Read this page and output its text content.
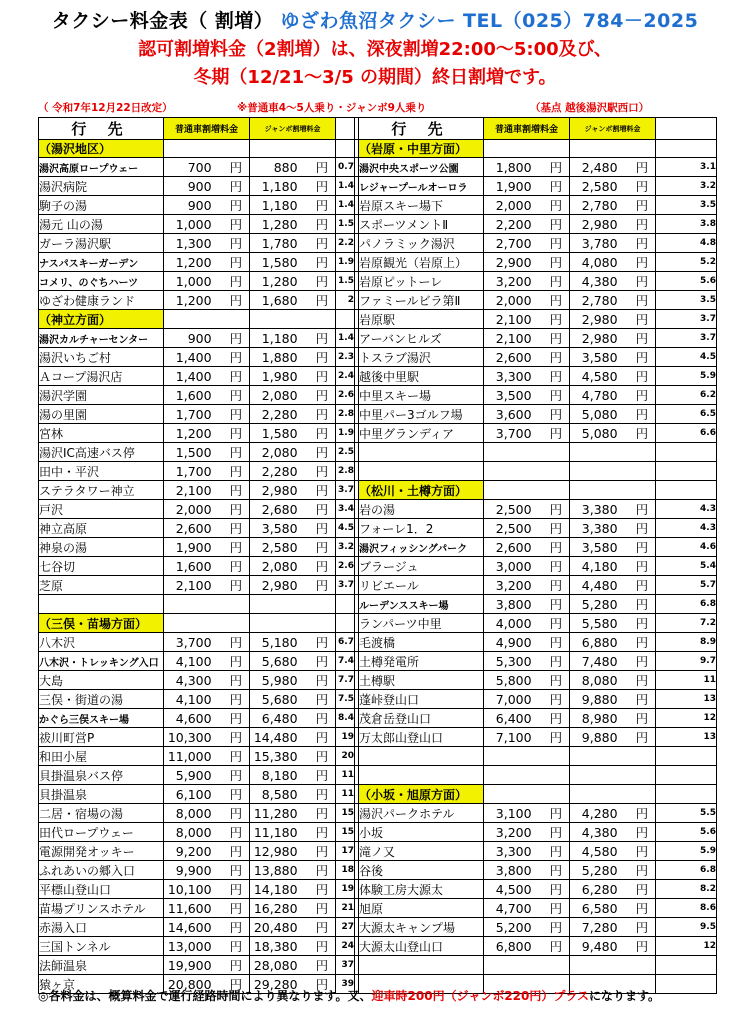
タクシー料金表（ 割増） ゆざわ魚沼タクシー TEL（025）784－2025
認可割増料金（2割増）は、深夜割増22:00～5:00及び、
冬期（12/21～3/5 の期間）終日割増です。
（ 令和7年12月22日改定）	※普通車4～5人乗り・ジャンボ9人乗り	（基点 越後湯沢駅西口）
行 先	普通車割増料金	ジャンボ割増料金			行 先	普通車割増料金	ジャンボ割増料金	
（湯沢地区）					（岩原・中里方面）			
湯沢高原ロープウェー	700 円	880 円	0.7		湯沢中央スポーツ公園	1,800 円	2,480 円	3.1
湯沢病院	900 円	1,180 円	1.4		レジャープールオーロラ	1,900 円	2,580 円	3.2
駒子の湯	900 円	1,180 円	1.4		岩原スキー場下	2,000 円	2,780 円	3.5
湯元 山の湯	1,000 円	1,280 円	1.5		スポーツメントⅡ	2,200 円	2,980 円	3.8
ガーラ湯沢駅	1,300 円	1,780 円	2.2		パノラミック湯沢	2,700 円	3,780 円	4.8
ナスパスキーガーデン	1,200 円	1,580 円	1.9		岩原観光（岩原上）	2,900 円	4,080 円	5.2
コメリ、のぐちハーツ	1,000 円	1,280 円	1.5		岩原ピットーレ	3,200 円	4,380 円	5.6
ゆざわ健康ランド	1,200 円	1,680 円	2		ファミールビラ第Ⅱ	2,000 円	2,780 円	3.5
（神立方面）					岩原駅	2,100 円	2,980 円	3.7
湯沢カルチャーセンター	900 円	1,180 円	1.4		アーバンヒルズ	2,100 円	2,980 円	3.7
湯沢いちご村	1,400 円	1,880 円	2.3		トスラブ湯沢	2,600 円	3,580 円	4.5
Ａコープ湯沢店	1,400 円	1,980 円	2.4		越後中里駅	3,300 円	4,580 円	5.9
湯沢学園	1,600 円	2,080 円	2.6		中里スキー場	3,500 円	4,780 円	6.2
湯の里園	1,700 円	2,280 円	2.8		中里パー3ゴルフ場	3,600 円	5,080 円	6.5
宮林	1,200 円	1,580 円	1.9		中里グランディア	3,700 円	5,080 円	6.6
湯沢IC高速バス停	1,500 円	2,080 円	2.5					
田中・平沢	1,700 円	2,280 円	2.8					
ステラタワー神立	2,100 円	2,980 円	3.7		（松川・土樽方面）			
戸沢	2,000 円	2,680 円	3.4		岩の湯	2,500 円	3,380 円	4.3
神立高原	2,600 円	3,580 円	4.5		フォーレ1．2	2,500 円	3,380 円	4.3
神泉の湯	1,900 円	2,580 円	3.2		湯沢フィッシングパーク	2,600 円	3,580 円	4.6
七谷切	1,600 円	2,080 円	2.6		ブラージュ	3,000 円	4,180 円	5.4
芝原	2,100 円	2,980 円	3.7		リビエール	3,200 円	4,480 円	5.7
					ルーデンススキー場	3,800 円	5,280 円	6.8
（三俣・苗場方面）					ランパーツ中里	4,000 円	5,580 円	7.2
八木沢	3,700 円	5,180 円	6.7		毛渡橋	4,900 円	6,880 円	8.9
八木沢・トレッキング入口	4,100 円	5,680 円	7.4		土樽発電所	5,300 円	7,480 円	9.7
大島	4,300 円	5,980 円	7.7		土樽駅	5,800 円	8,080 円	11
三俣・街道の湯	4,100 円	5,680 円	7.5		蓬峠登山口	7,000 円	9,880 円	13
かぐら三俣スキー場	4,600 円	6,480 円	8.4		茂倉岳登山口	6,400 円	8,980 円	12
祓川町営P	10,300 円	14,480 円	19		万太郎山登山口	7,100 円	9,880 円	13
和田小屋	11,000 円	15,380 円	20					
貝掛温泉バス停	5,900 円	8,180 円	11					
貝掛温泉	6,100 円	8,580 円	11		（小坂・旭原方面）			
二居・宿場の湯	8,000 円	11,280 円	15		湯沢パークホテル	3,100 円	4,280 円	5.5
田代ロープウェー	8,000 円	11,180 円	15		小坂	3,200 円	4,380 円	5.6
電源開発オッキー	9,200 円	12,980 円	17		滝ノ又	3,300 円	4,580 円	5.9
ふれあいの郷入口	9,900 円	13,880 円	18		谷後	3,800 円	5,280 円	6.8
平標山登山口	10,100 円	14,180 円	19		体験工房大源太	4,500 円	6,280 円	8.2
苗場プリンスホテル	11,600 円	16,280 円	21		旭原	4,700 円	6,580 円	8.6
赤湯入口	14,600 円	20,480 円	27		大源太キャンプ場	5,200 円	7,280 円	9.5
三国トンネル	13,000 円	18,380 円	24		大源太山登山口	6,800 円	9,480 円	12
法師温泉	19,900 円	28,080 円	37					
猿ヶ京	20,800 円	29,280 円	39					
◎各料金は、概算料金で運行経路時間により異なります。又、迎車時200円（ジャンボ220円）プラスになります。
